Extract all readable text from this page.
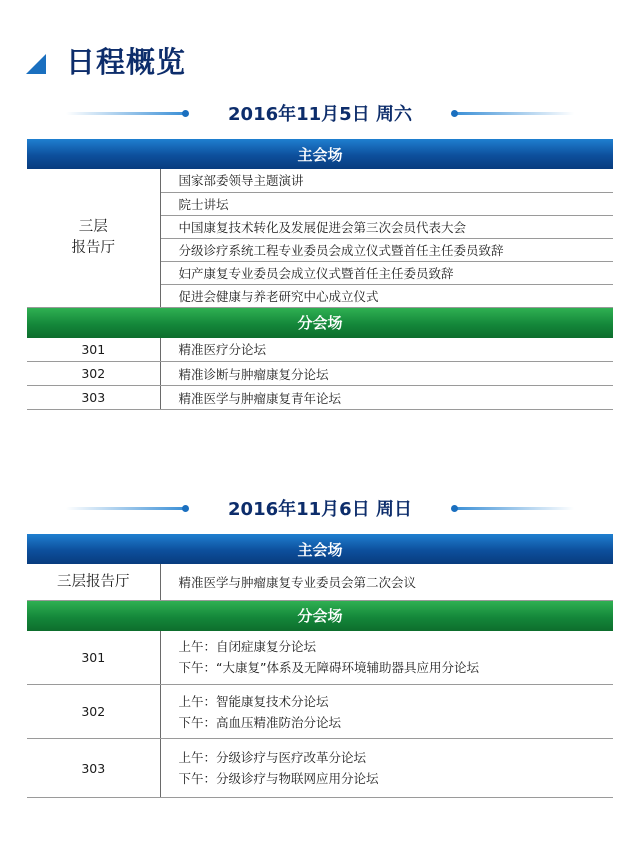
日程概览
2016年11月5日 周六
主会场
三层
报告厅
	国家部委领导主题演讲
院士讲坛
中国康复技术转化及发展促进会第三次会员代表大会
分级诊疗系统工程专业委员会成立仪式暨首任主任委员致辞
妇产康复专业委员会成立仪式暨首任主任委员致辞
促进会健康与养老研究中心成立仪式
分会场
301	精准医疗分论坛
302	精准诊断与肿瘤康复分论坛
303	精准医学与肿瘤康复青年论坛
2016年11月6日 周日
主会场
三层报告厅	精准医学与肿瘤康复专业委员会第二次会议
分会场
301	上午：自闭症康复分论坛
下午：“大康复”体系及无障碍环境辅助器具应用分论坛

302	上午：智能康复技术分论坛
下午：高血压精准防治分论坛

303	上午：分级诊疗与医疗改革分论坛
下午：分级诊疗与物联网应用分论坛
